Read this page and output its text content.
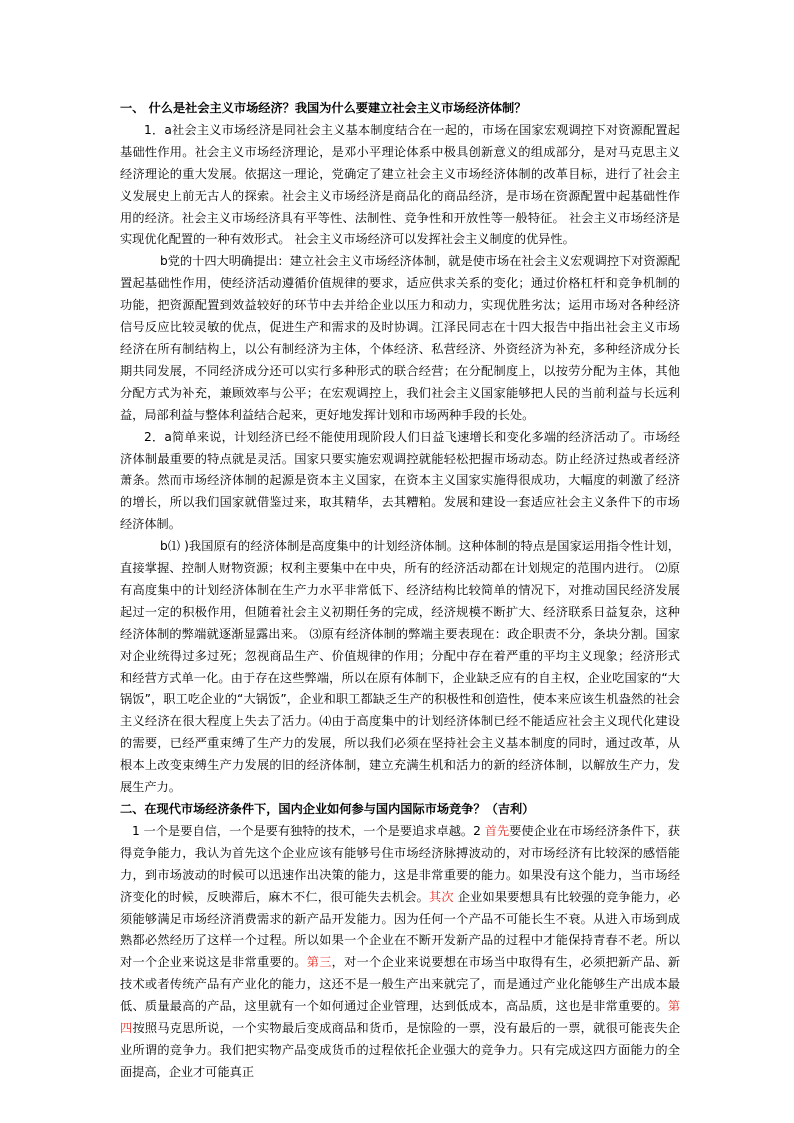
一、 什么是社会主义市场经济？我国为什么要建立社会主义市场经济体制？

1．a社会主义市场经济是同社会主义基本制度结合在一起的，市场在国家宏观调控下对资源配置起基础性作用。社会主义市场经济理论，是邓小平理论体系中极具创新意义的组成部分，是对马克思主义经济理论的重大发展。依据这一理论，党确定了建立社会主义市场经济体制的改革目标，进行了社会主义发展史上前无古人的探索。社会主义市场经济是商品化的商品经济，是市场在资源配置中起基础性作用的经济。社会主义市场经济具有平等性、法制性、竞争性和开放性等一般特征。 社会主义市场经济是实现优化配置的一种有效形式。 社会主义市场经济可以发挥社会主义制度的优异性。

b党的十四大明确提出：建立社会主义市场经济体制，就是使市场在社会主义宏观调控下对资源配置起基础性作用，使经济活动遵循价值规律的要求，适应供求关系的变化；通过价格杠杆和竞争机制的功能，把资源配置到效益较好的环节中去并给企业以压力和动力，实现优胜劣汰；运用市场对各种经济信号反应比较灵敏的优点，促进生产和需求的及时协调。江泽民同志在十四大报告中指出社会主义市场经济在所有制结构上，以公有制经济为主体，个体经济、私营经济、外资经济为补充，多种经济成分长期共同发展，不同经济成分还可以实行多种形式的联合经营；在分配制度上，以按劳分配为主体，其他分配方式为补充，兼顾效率与公平；在宏观调控上，我们社会主义国家能够把人民的当前利益与长远利益，局部利益与整体利益结合起来，更好地发挥计划和市场两种手段的长处。

2．a简单来说，计划经济已经不能使用现阶段人们日益飞速增长和变化多端的经济活动了。市场经济体制最重要的特点就是灵活。国家只要实施宏观调控就能轻松把握市场动态。防止经济过热或者经济萧条。然而市场经济体制的起源是资本主义国家，在资本主义国家实施得很成功，大幅度的刺激了经济的增长，所以我们国家就借鉴过来，取其精华，去其糟粕。发展和建设一套适应社会主义条件下的市场经济体制。

b⑴ )我国原有的经济体制是高度集中的计划经济体制。这种体制的特点是国家运用指令性计划，直接掌握、控制人财物资源；权利主要集中在中央，所有的经济活动都在计划规定的范围内进行。 ⑵原有高度集中的计划经济体制在生产力水平非常低下、经济结构比较简单的情况下，对推动国民经济发展起过一定的积极作用，但随着社会主义初期任务的完成，经济规模不断扩大、经济联系日益复杂，这种经济体制的弊端就逐渐显露出来。 ⑶原有经济体制的弊端主要表现在：政企职责不分，条块分割。国家对企业统得过多过死；忽视商品生产、价值规律的作用；分配中存在着严重的平均主义现象；经济形式和经营方式单一化。由于存在这些弊端，所以在原有体制下，企业缺乏应有的自主权，企业吃国家的“大锅饭”，职工吃企业的“大锅饭”，企业和职工都缺乏生产的积极性和创造性，使本来应该生机盎然的社会主义经济在很大程度上失去了活力。⑷由于高度集中的计划经济体制已经不能适应社会主义现代化建设的需要，已经严重束缚了生产力的发展，所以我们必须在坚持社会主义基本制度的同时，通过改革，从根本上改变束缚生产力发展的旧的经济体制，建立充满生机和活力的新的经济体制，以解放生产力，发展生产力。

二、在现代市场经济条件下，国内企业如何参与国内国际市场竞争？（吉利）

1 一个是要自信，一个是要有独特的技术，一个是要追求卓越。2 首先要使企业在市场经济条件下，获得竞争能力，我认为首先这个企业应该有能够号住市场经济脉搏波动的，对市场经济有比较深的感悟能力，到市场波动的时候可以迅速作出决策的能力，这是非常重要的能力。如果没有这个能力，当市场经济变化的时候，反映滞后，麻木不仁，很可能失去机会。其次 企业如果要想具有比较强的竞争能力，必须能够满足市场经济消费需求的新产品开发能力。因为任何一个产品不可能长生不衰。从进入市场到成熟都必然经历了这样一个过程。所以如果一个企业在不断开发新产品的过程中才能保持青春不老。所以对一个企业来说这是非常重要的。第三，对一个企业来说要想在市场当中取得有生，必须把新产品、新技术或者传统产品有产业化的能力，这还不是一般生产出来就完了，而是通过产业化能够生产出成本最低、质量最高的产品，这里就有一个如何通过企业管理，达到低成本，高品质，这也是非常重要的。第四按照马克思所说，一个实物最后变成商品和货币，是惊险的一票，没有最后的一票，就很可能丧失企业所谓的竞争力。我们把实物产品变成货币的过程依托企业强大的竞争力。只有完成这四方面能力的全面提高，企业才可能真正
